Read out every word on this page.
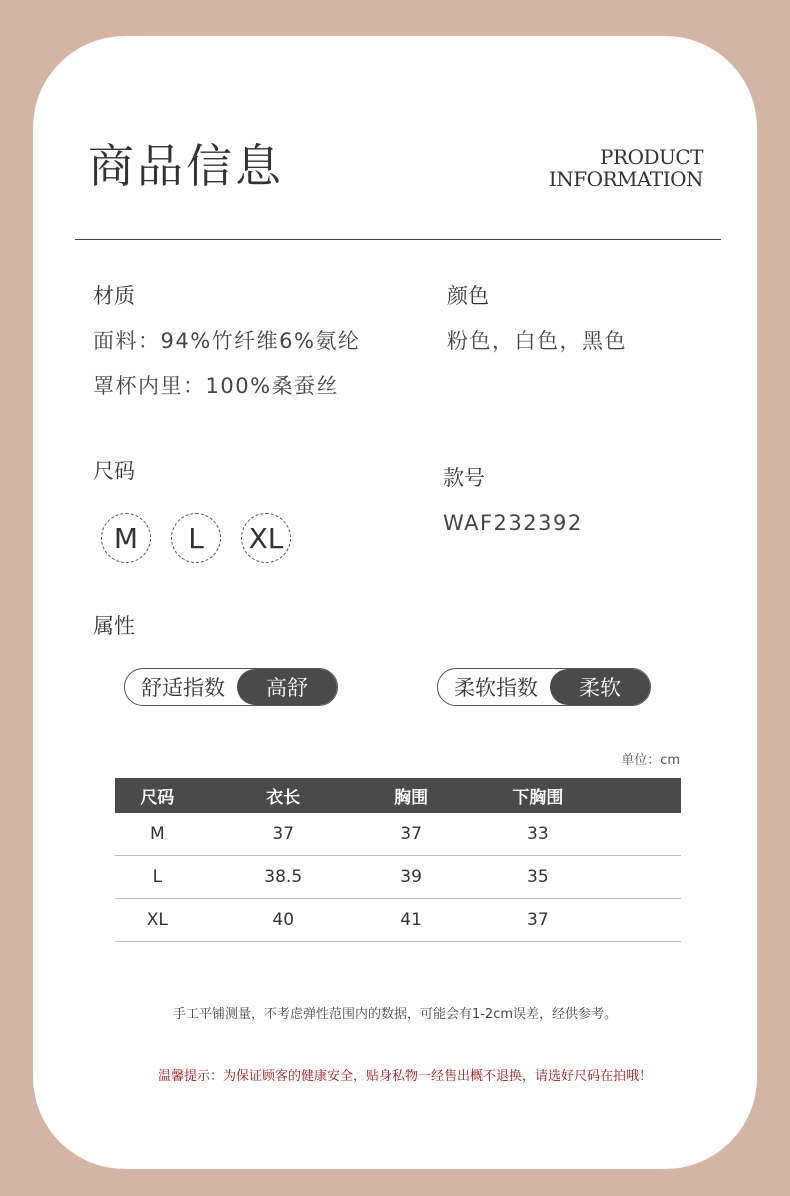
商品信息	PRODUCT
INFORMATION
材质
面料：94%竹纤维6%氨纶
罩杯内里：100%桑蚕丝
颜色
粉色，白色，黑色
尺码
M	L	XL
款号
WAF232392
属性
舒适指数	高舒	柔软指数	柔软
单位：cm
尺码	衣长	胸围	下胸围	
M	37	37	33	
L	38.5	39	35	
XL	40	41	37	
手工平铺测量，不考虑弹性范围内的数据，可能会有1-2cm误差，经供参考。
温馨提示：为保证顾客的健康安全，贴身私物一经售出概不退换，请选好尺码在拍哦！
